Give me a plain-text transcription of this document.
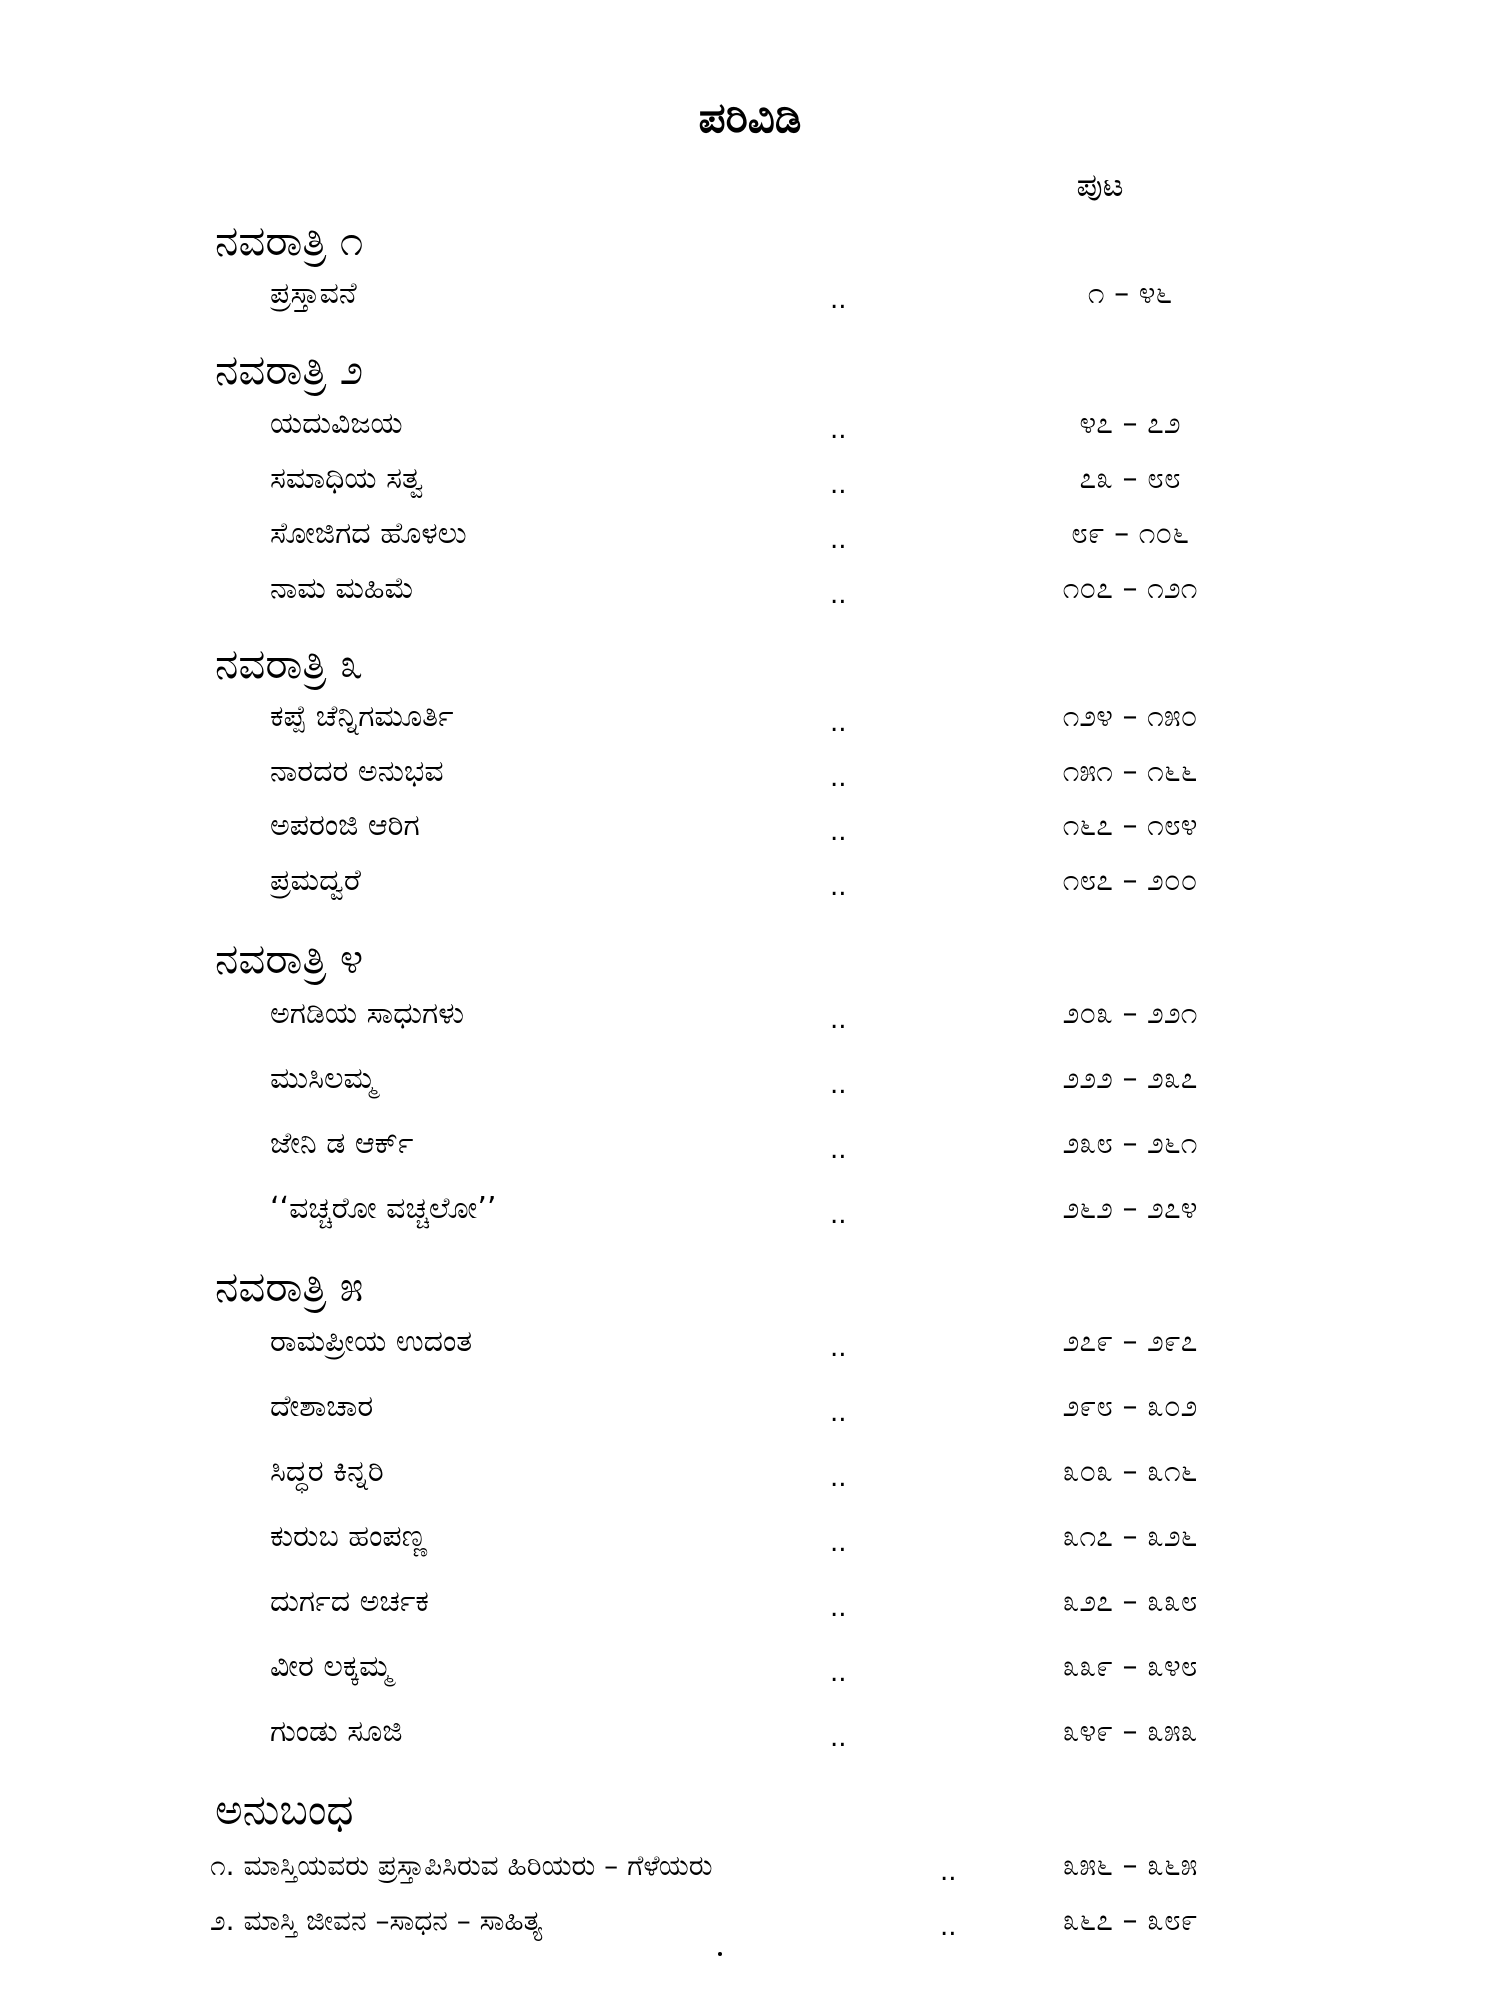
ಪರಿವಿಡಿ
ಪುಟ
ನವರಾತ್ರಿ ೧
ಪ್ರಸ್ತಾವನೆ	..	೧ – ೪೬
ನವರಾತ್ರಿ ೨
ಯದುವಿಜಯ	..	೪೭ – ೭೨
ಸಮಾಧಿಯ ಸತ್ವ	..	೭೩ – ೮೮
ಸೋಜಿಗದ ಹೊಳಲು	..	೮೯ – ೧೦೬
ನಾಮ ಮಹಿಮೆ	..	೧೦೭ – ೧೨೧
ನವರಾತ್ರಿ ೩
ಕಪ್ಪೆ ಚೆನ್ನಿಗಮೂರ್ತಿ	..	೧೨೪ – ೧೫೦
ನಾರದರ ಅನುಭವ	..	೧೫೧ – ೧೬೬
ಅಪರಂಜಿ ಆರಿಗ	..	೧೬೭ – ೧೮೪
ಪ್ರಮದ್ವರೆ	..	೧೮೭ – ೨೦೦
ನವರಾತ್ರಿ ೪
ಅಗಡಿಯ ಸಾಧುಗಳು	..	೨೦೩ – ೨೨೧
ಮುಸಿಲಮ್ಮ	..	೨೨೨ – ೨೩೭
ಜೇನಿ ಡ ಆರ್ಕ್	..	೨೩೮ – ೨೬೧
‘‘ವಚ್ಚರೋ ವಚ್ಚಲೋ’’	..	೨೬೨ – ೨೭೪
ನವರಾತ್ರಿ ೫
ರಾಮಪ್ರೀಯ ಉದಂತ	..	೨೭೯ – ೨೯೭
ದೇಶಾಚಾರ	..	೨೯೮ – ೩೦೨
ಸಿದ್ಧರ ಕಿನ್ನರಿ	..	೩೦೩ – ೩೧೬
ಕುರುಬ ಹಂಪಣ್ಣ	..	೩೧೭ – ೩೨೬
ದುರ್ಗದ ಅರ್ಚಕ	..	೩೨೭ – ೩೩೮
ವೀರ ಲಕ್ಕಮ್ಮ	..	೩೩೯ – ೩೪೮
ಗುಂಡು ಸೂಜಿ	..	೩೪೯ – ೩೫೩
ಅನುಬಂಧ
೧. ಮಾಸ್ತಿಯವರು ಪ್ರಸ್ತಾಪಿಸಿರುವ ಹಿರಿಯರು – ಗೆಳೆಯರು	..	೩೫೬ – ೩೬೫
೨. ಮಾಸ್ತಿ ಜೀವನ –ಸಾಧನ – ಸಾಹಿತ್ಯ	..	೩೬೭ – ೩೮೯
